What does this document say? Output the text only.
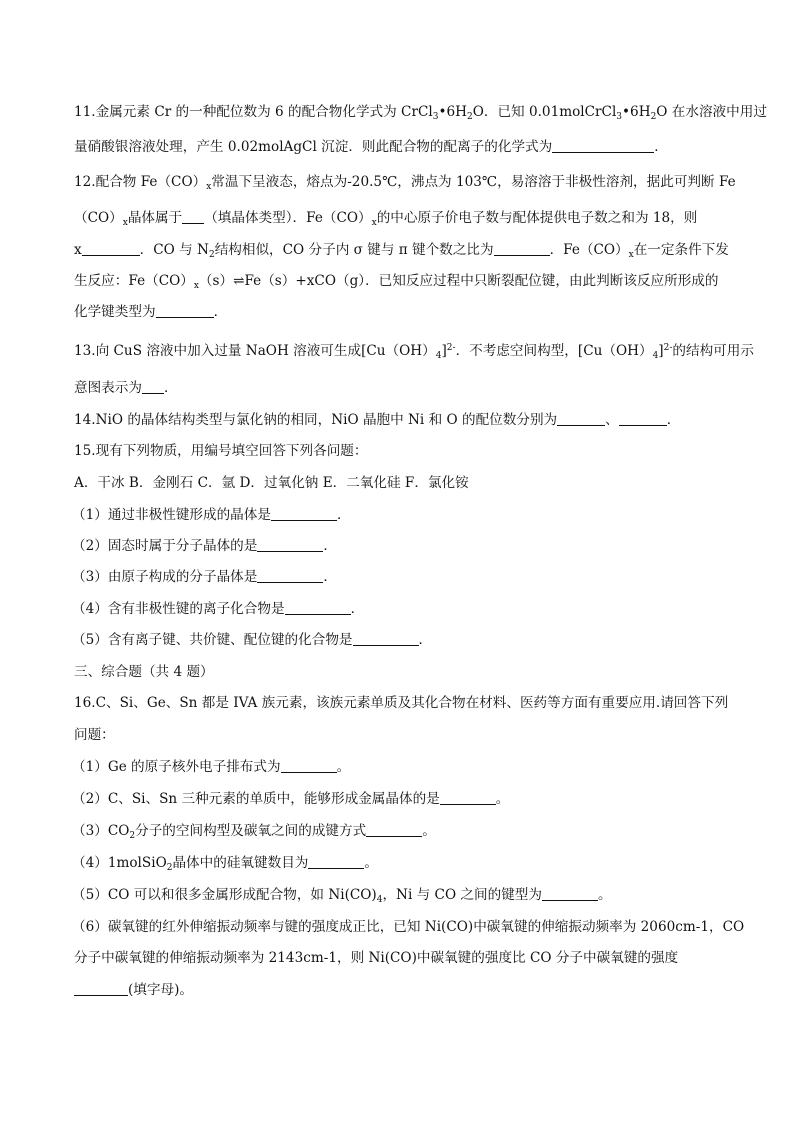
11.金属元素 Cr 的一种配位数为 6 的配合物化学式为 $CrCl_3•6H_2O$．已知 $0.01molCrCl_3•6H_2O$ 在水溶液中用过
量硝酸银溶液处理，产生 0.02molAgCl 沉淀．则此配合物的配离子的化学式为	．
12.配合物 $Fe(CO)_x$常温下呈液态，熔点为-20.5℃，沸点为 103℃，易溶溶于非极性溶剂，据此可判断 Fe
$(CO)_x$晶体属于 （填晶体类型）．$Fe(CO)_x$的中心原子价电子数与配体提供电子数之和为 18，则
x	．CO 与 $N_2$结构相似，CO 分子内 σ 键与 π 键个数之比为	．$Fe(CO)_x$在一定条件下发
生反应：$Fe(CO)_x(s)\rightleftharpoons Fe(s)+xCO(g)$．已知反应过程中只断裂配位键，由此判断该反应所形成的
化学键类型为	．
13.向 CuS 溶液中加入过量 NaOH 溶液可生成$[Cu(OH)_4]^{2-}$．不考虑空间构型，$[Cu(OH)_4]^{2-}$的结构可用示
意图表示为 ．
14.NiO 的晶体结构类型与氯化钠的相同，NiO 晶胞中 Ni 和 O 的配位数分别为	、	．
15.现有下列物质，用编号填空回答下列各问题：
A．干冰 B．金刚石 C．氩 D．过氧化钠 E．二氧化硅 F．氯化铵
（1）通过非极性键形成的晶体是	．
（2）固态时属于分子晶体的是	．
（3）由原子构成的分子晶体是	．
（4）含有非极性键的离子化合物是	．
（5）含有离子键、共价键、配位键的化合物是	．
三、综合题（共 4 题）
16.C、Si、Ge、Sn 都是 IVA 族元素，该族元素单质及其化合物在材料、医药等方面有重要应用.请回答下列
问题：
（1）Ge 的原子核外电子排布式为	。
（2）C、Si、Sn 三种元素的单质中，能够形成金属晶体的是	。
$(3)CO_2$分子的空间构型及碳氧之间的成键方式	。
（4）1molSiO$_2$晶体中的硅氧键数目为	。
（5）CO 可以和很多金属形成配合物，如 $Ni(CO)_4$，Ni 与 CO 之间的键型为	。
（6）碳氧键的红外伸缩振动频率与键的强度成正比，已知 Ni(CO)中碳氧键的伸缩振动频率为 2060cm-1，CO
分子中碳氧键的伸缩振动频率为 2143cm-1，则 Ni(CO)中碳氧键的强度比 CO 分子中碳氧键的强度
(填字母)。
